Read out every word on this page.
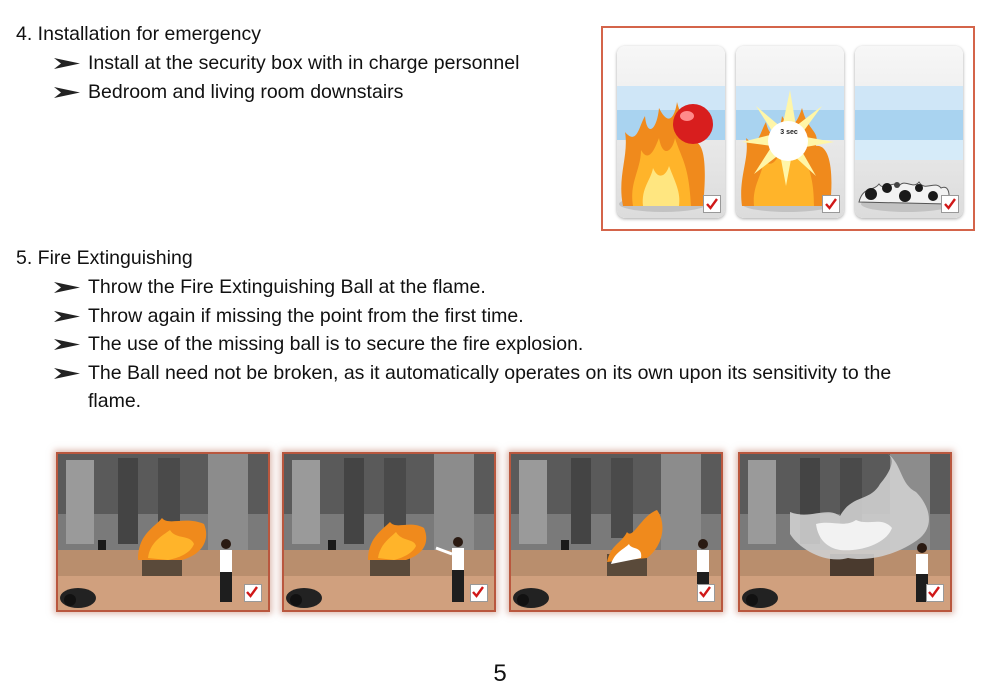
4. Installation for emergency
Install at the security box with in charge personnel
Bedroom and living room downstairs
3 sec
5. Fire Extinguishing
Throw the Fire Extinguishing Ball at the flame.
Throw again if missing the point from the first time.
The use of the missing ball is to secure the fire explosion.
The Ball need not be broken, as it automatically operates on its own upon its sensitivity to the flame.
5
